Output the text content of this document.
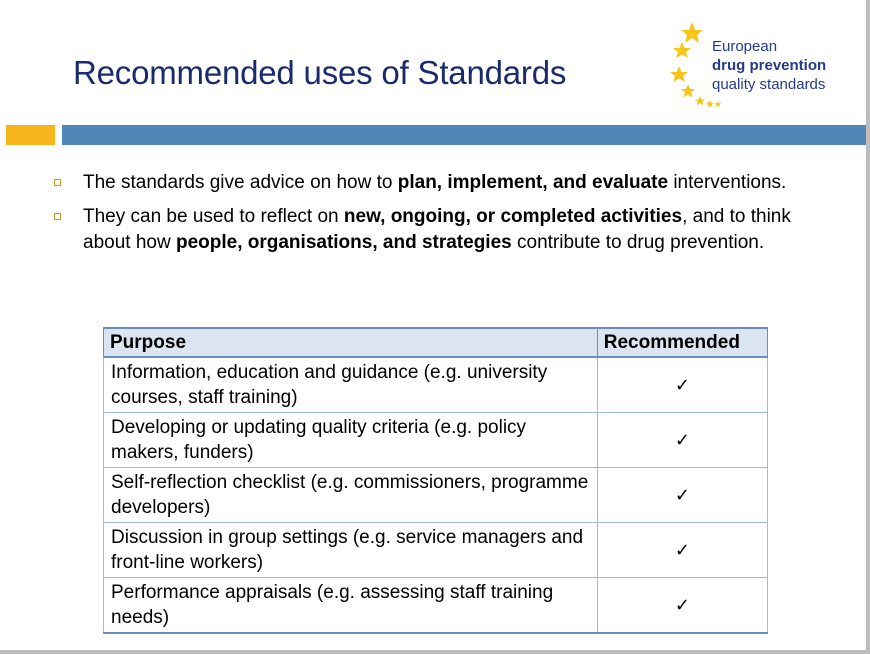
Recommended uses of Standards
European
drug prevention
quality standards
The standards give advice on how to plan, implement, and evaluate interventions.
They can be used to reflect on new, ongoing, or completed activities, and to think about how people, organisations, and strategies contribute to drug prevention.
Purpose	Recommended
Information, education and guidance (e.g. university courses, staff training)	✓
Developing or updating quality criteria (e.g. policy makers, funders)	✓
Self-reflection checklist (e.g. commissioners, programme developers)	✓
Discussion in group settings (e.g. service managers and front-line workers)	✓
Performance appraisals (e.g. assessing staff training needs)	✓
